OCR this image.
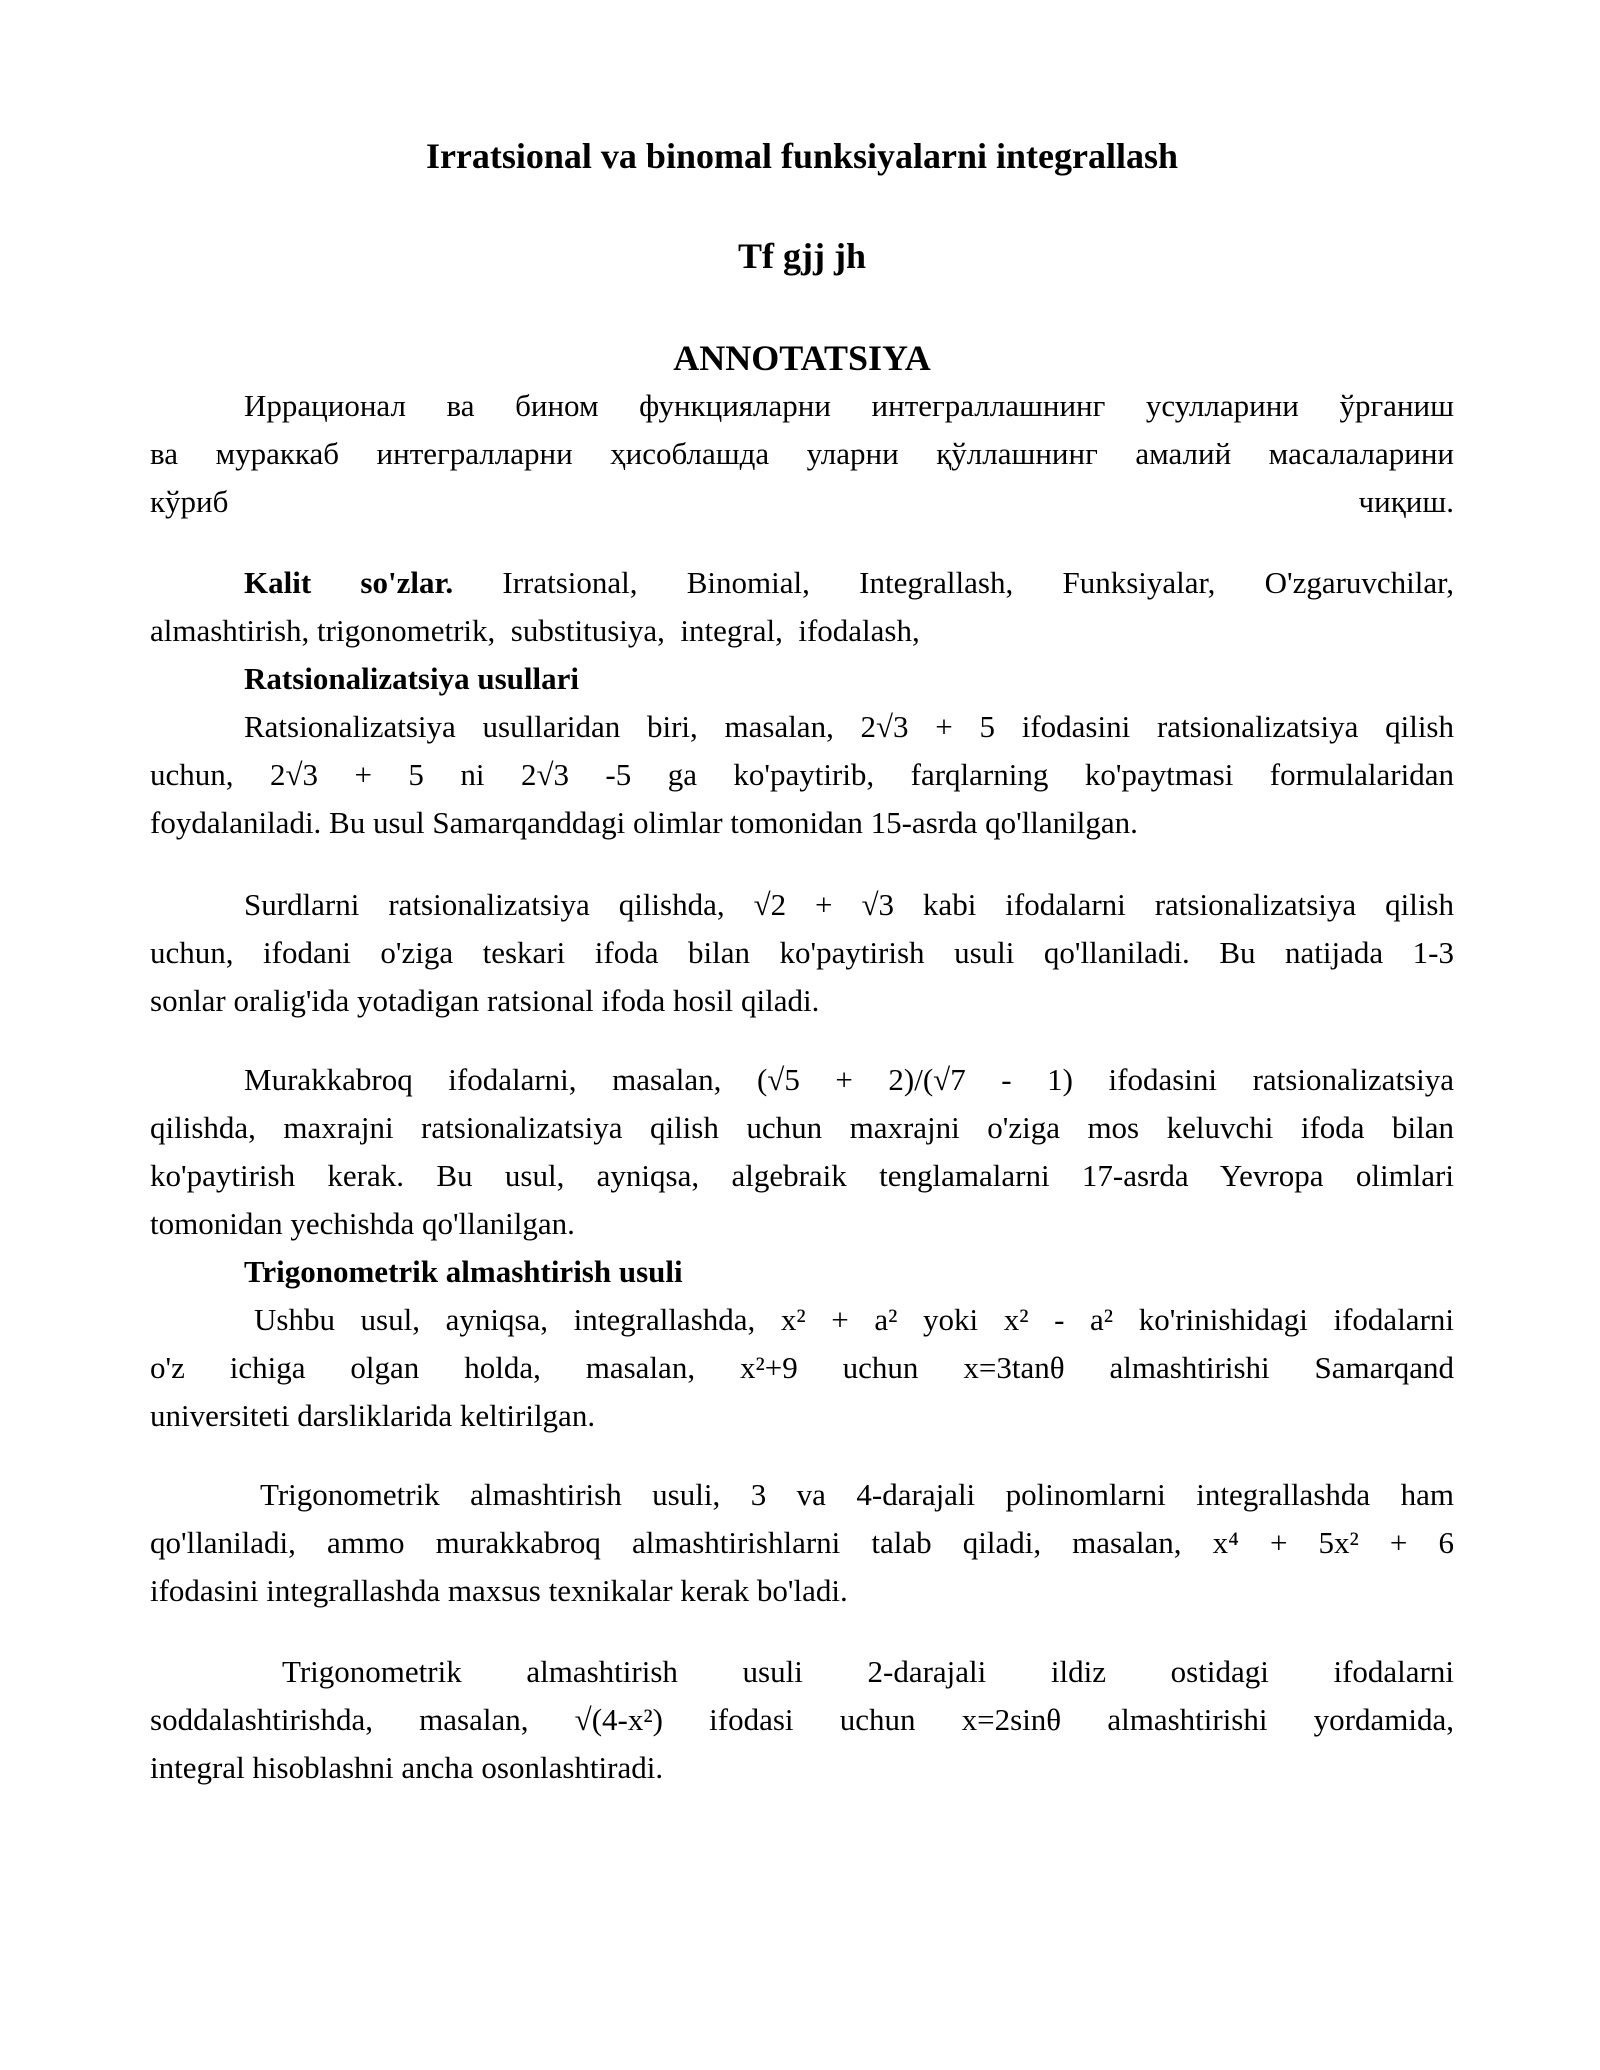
Irratsional va binomal funksiyalarni integrallash
Tf gjj jh
ANNOTATSIYA
Иррационал ва бином функцияларни интеграллашнинг усулларини ўрганиш
ва мураккаб интегралларни ҳисоблашда уларни қўллашнинг амалий масалаларини
кўриб чиқиш.
Kalit so'zlar. Irratsional, Binomial, Integrallash, Funksiyalar, O'zgaruvchilar,
almashtirish, trigonometrik,  substitusiya,  integral,  ifodalash,

Ratsionalizatsiya usullari

Ratsionalizatsiya usullaridan biri, masalan, 2√3 + 5 ifodasini ratsionalizatsiya qilish
uchun, 2√3 + 5 ni 2√3 -5 ga ko'paytirib, farqlarning ko'paytmasi formulalaridan
foydalaniladi. Bu usul Samarqanddagi olimlar tomonidan 15-asrda qo'llanilgan.
Surdlarni ratsionalizatsiya qilishda, √2 + √3 kabi ifodalarni ratsionalizatsiya qilish
uchun, ifodani o'ziga teskari ifoda bilan ko'paytirish usuli qo'llaniladi. Bu natijada 1-3
sonlar oralig'ida yotadigan ratsional ifoda hosil qiladi.
Murakkabroq ifodalarni, masalan, (√5 + 2)/(√7 - 1) ifodasini ratsionalizatsiya
qilishda, maxrajni ratsionalizatsiya qilish uchun maxrajni o'ziga mos keluvchi ifoda bilan
ko'paytirish kerak. Bu usul, ayniqsa, algebraik tenglamalarni 17-asrda Yevropa olimlari
tomonidan yechishda qo'llanilgan.

Trigonometrik almashtirish usuli

Ushbu usul, ayniqsa, integrallashda, x² + a² yoki x² - a² ko'rinishidagi ifodalarni
o'z ichiga olgan holda, masalan, x²+9 uchun x=3tanθ almashtirishi Samarqand
universiteti darsliklarida keltirilgan.
Trigonometrik almashtirish usuli, 3 va 4-darajali polinomlarni integrallashda ham
qo'llaniladi, ammo murakkabroq almashtirishlarni talab qiladi, masalan, x⁴ + 5x² + 6
ifodasini integrallashda maxsus texnikalar kerak bo'ladi.
Trigonometrik almashtirish usuli 2-darajali ildiz ostidagi ifodalarni
soddalashtirishda, masalan, √(4-x²) ifodasi uchun x=2sinθ almashtirishi yordamida,
integral hisoblashni ancha osonlashtiradi.
